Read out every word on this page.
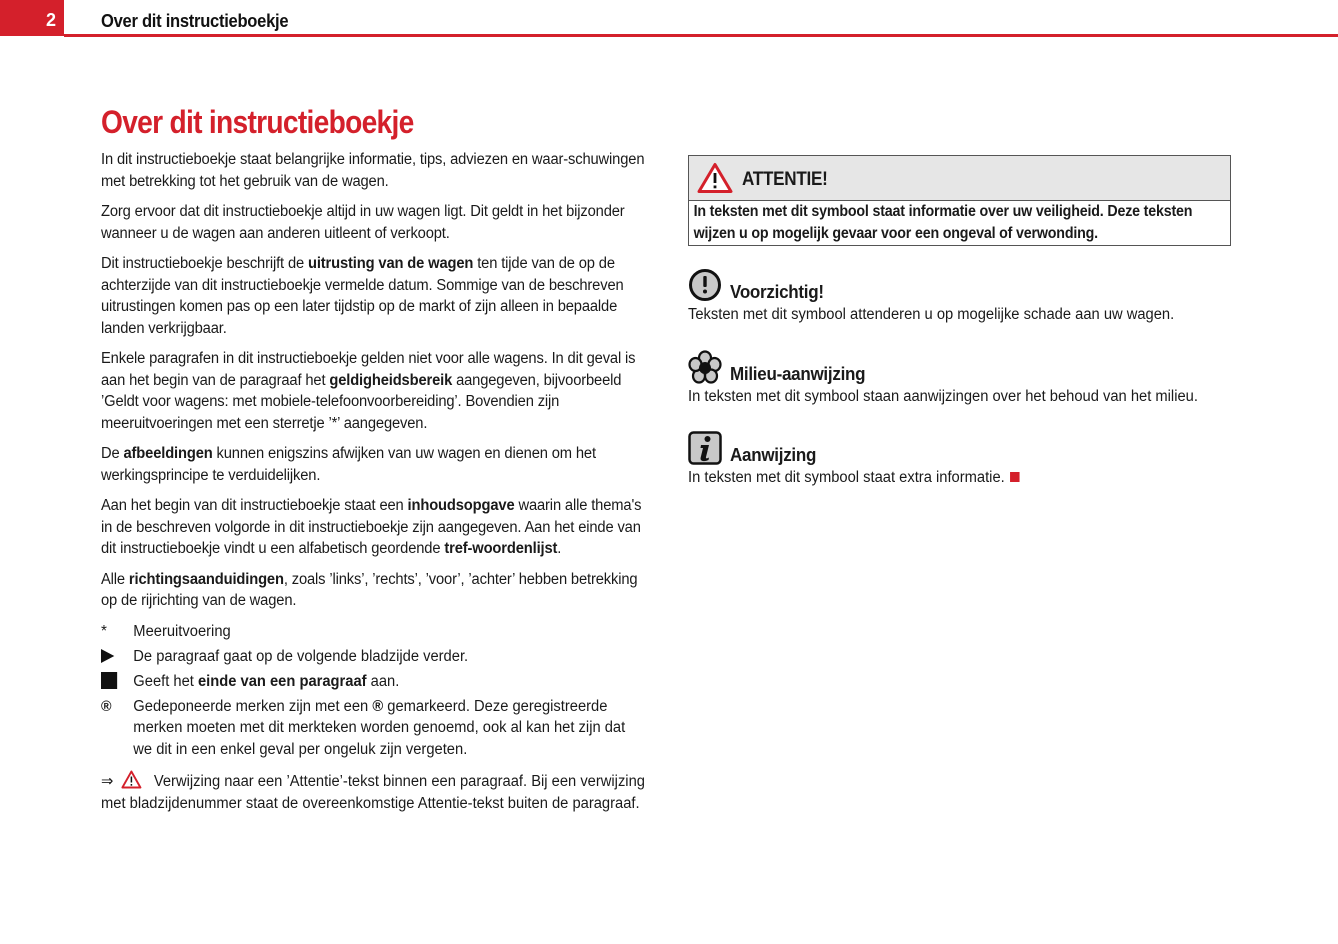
2	Over dit instructieboekje
Over dit instructieboekje

In dit instructieboekje staat belangrijke informatie, tips, adviezen en waar-schuwingen met betrekking tot het gebruik van de wagen.

Zorg ervoor dat dit instructieboekje altijd in uw wagen ligt. Dit geldt in het bijzonder wanneer u de wagen aan anderen uitleent of verkoopt.

Dit instructieboekje beschrijft de uitrusting van de wagen ten tijde van de op de achterzijde van dit instructieboekje vermelde datum. Sommige van de beschreven uitrustingen komen pas op een later tijdstip op de markt of zijn alleen in bepaalde landen verkrijgbaar.

Enkele paragrafen in dit instructieboekje gelden niet voor alle wagens. In dit geval is aan het begin van de paragraaf het geldigheidsbereik aangegeven, bijvoorbeeld ’Geldt voor wagens: met mobiele-telefoonvoorbereiding’. Bovendien zijn meeruitvoeringen met een sterretje ’*’ aangegeven.

De afbeeldingen kunnen enigszins afwijken van uw wagen en dienen om het werkingsprincipe te verduidelijken.

Aan het begin van dit instructieboekje staat een inhoudsopgave waarin alle thema's in de beschreven volgorde in dit instructieboekje zijn aangegeven. Aan het einde van dit instructieboekje vindt u een alfabetisch geordende tref-woordenlijst.

Alle richtingsaanduidingen, zoals ’links’, ’rechts’, ’voor’, ’achter’ hebben betrekking op de rijrichting van de wagen.

*	Meeruitvoering
De paragraaf gaat op de volgende bladzijde verder.
Geeft het einde van een paragraaf aan.
®	Gedeponeerde merken zijn met een ® gemarkeerd. Deze geregistreerde merken moeten met dit merkteken worden genoemd, ook al kan het zijn dat we dit in een enkel geval per ongeluk zijn vergeten.
⇒	Verwijzing naar een ’Attentie’-tekst binnen een paragraaf. Bij een verwijzing met bladzijdenummer staat de overeenkomstige Attentie-tekst buiten de paragraaf.
ATTENTIE!
In teksten met dit symbool staat informatie over uw veiligheid. Deze teksten wijzen u op mogelijk gevaar voor een ongeval of verwonding.
Voorzichtig!
Teksten met dit symbool attenderen u op mogelijke schade aan uw wagen.
Milieu-aanwijzing
In teksten met dit symbool staan aanwijzingen over het behoud van het milieu.
Aanwijzing
In teksten met dit symbool staat extra informatie.
